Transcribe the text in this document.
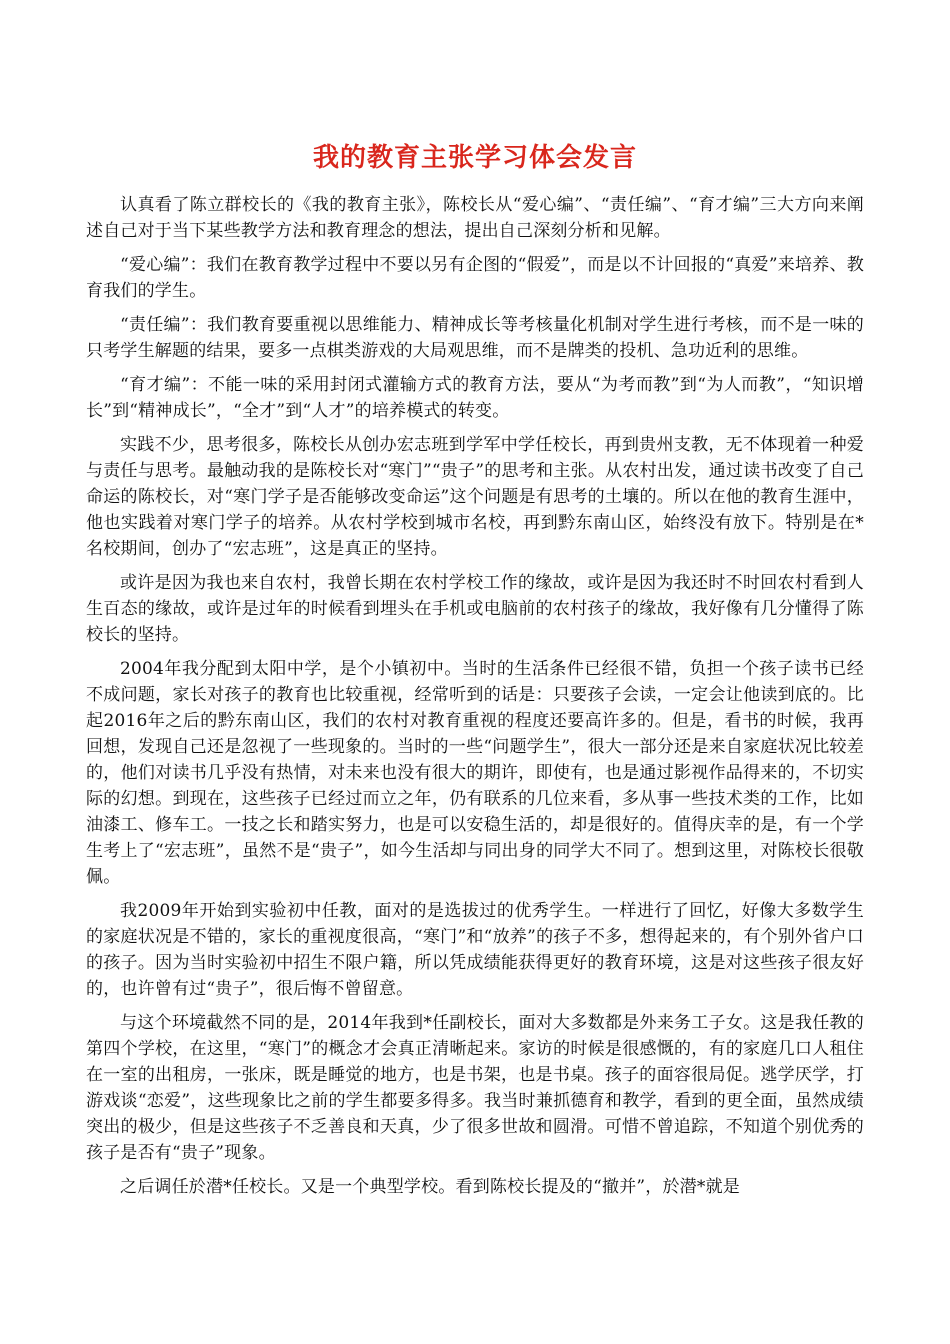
我的教育主张学习体会发言

认真看了陈立群校长的《我的教育主张》，陈校长从“爱心编”、“责任编”、“育才编”三大方向来阐述自己对于当下某些教学方法和教育理念的想法，提出自己深刻分析和见解。

“爱心编”：我们在教育教学过程中不要以另有企图的“假爱”，而是以不计回报的“真爱”来培养、教育我们的学生。

“责任编”：我们教育要重视以思维能力、精神成长等考核量化机制对学生进行考核，而不是一味的只考学生解题的结果，要多一点棋类游戏的大局观思维，而不是牌类的投机、急功近利的思维。

“育才编”：不能一味的采用封闭式灌输方式的教育方法，要从“为考而教”到“为人而教”，“知识增长”到“精神成长”，“全才”到“人才”的培养模式的转变。

实践不少，思考很多，陈校长从创办宏志班到学军中学任校长，再到贵州支教，无不体现着一种爱与责任与思考。最触动我的是陈校长对“寒门”“贵子”的思考和主张。从农村出发，通过读书改变了自己命运的陈校长，对“寒门学子是否能够改变命运”这个问题是有思考的土壤的。所以在他的教育生涯中，他也实践着对寒门学子的培养。从农村学校到城市名校，再到黔东南山区，始终没有放下。特别是在*名校期间，创办了“宏志班”，这是真正的坚持。

或许是因为我也来自农村，我曾长期在农村学校工作的缘故，或许是因为我还时不时回农村看到人生百态的缘故，或许是过年的时候看到埋头在手机或电脑前的农村孩子的缘故，我好像有几分懂得了陈校长的坚持。

2004年我分配到太阳中学，是个小镇初中。当时的生活条件已经很不错，负担一个孩子读书已经不成问题，家长对孩子的教育也比较重视，经常听到的话是：只要孩子会读，一定会让他读到底的。比起2016年之后的黔东南山区，我们的农村对教育重视的程度还要高许多的。但是，看书的时候，我再回想，发现自己还是忽视了一些现象的。当时的一些“问题学生”，很大一部分还是来自家庭状况比较差的，他们对读书几乎没有热情，对未来也没有很大的期许，即使有，也是通过影视作品得来的，不切实际的幻想。到现在，这些孩子已经过而立之年，仍有联系的几位来看，多从事一些技术类的工作，比如油漆工、修车工。一技之长和踏实努力，也是可以安稳生活的，却是很好的。值得庆幸的是，有一个学生考上了“宏志班”，虽然不是“贵子”，如今生活却与同出身的同学大不同了。想到这里，对陈校长很敬佩。

我2009年开始到实验初中任教，面对的是选拔过的优秀学生。一样进行了回忆，好像大多数学生的家庭状况是不错的，家长的重视度很高，“寒门”和“放养”的孩子不多，想得起来的，有个别外省户口的孩子。因为当时实验初中招生不限户籍，所以凭成绩能获得更好的教育环境，这是对这些孩子很友好的，也许曾有过“贵子”，很后悔不曾留意。

与这个环境截然不同的是，2014年我到*任副校长，面对大多数都是外来务工子女。这是我任教的第四个学校，在这里，“寒门”的概念才会真正清晰起来。家访的时候是很感慨的，有的家庭几口人租住在一室的出租房，一张床，既是睡觉的地方，也是书架，也是书桌。孩子的面容很局促。逃学厌学，打游戏谈“恋爱”，这些现象比之前的学生都要多得多。我当时兼抓德育和教学，看到的更全面，虽然成绩突出的极少，但是这些孩子不乏善良和天真，少了很多世故和圆滑。可惜不曾追踪，不知道个别优秀的孩子是否有“贵子”现象。

之后调任於潜*任校长。又是一个典型学校。看到陈校长提及的“撤并”，於潜*就是
